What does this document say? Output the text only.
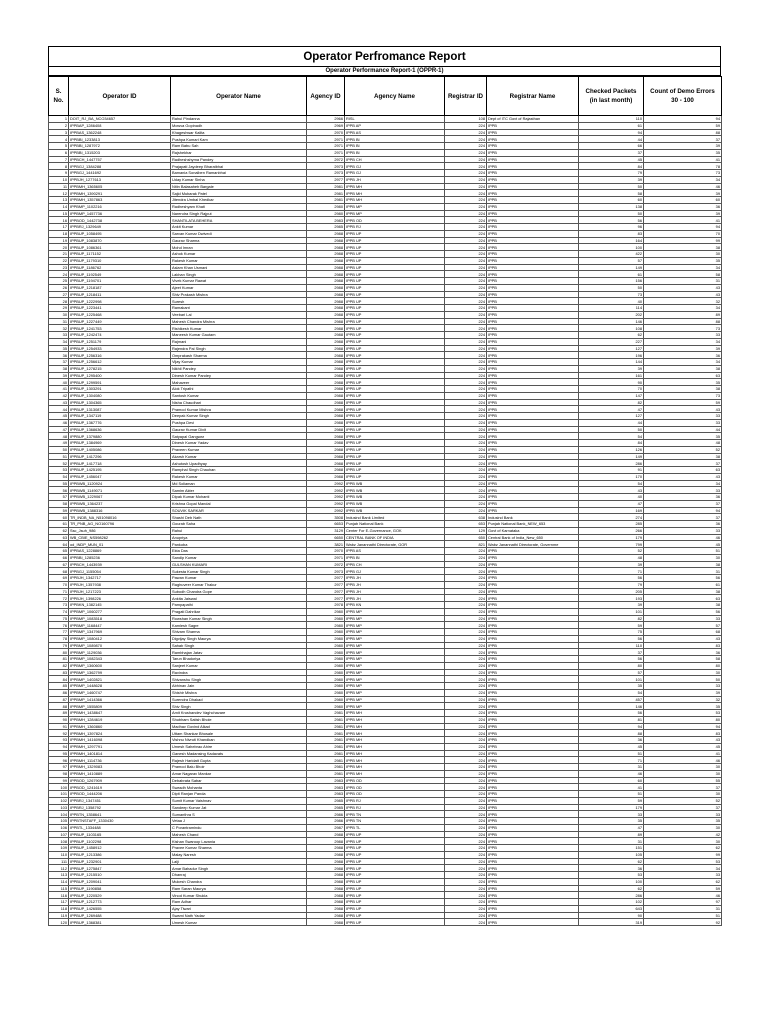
Operator Perfromance Report
Operator Performance Report-1 (OPPR-1)
S. No.	Operator ID	Operator Name	Agency ID	Agency Name	Registrar ID	Registrar Name	Checked Packets (in last month)	Count of Demo Errors 30 - 100
1	DOIT_RJ_BA_NCO34657	Rahul Pindanna	2966	RISL	108	Dept of ITC Govt of Rajasthan	110	94
2	IPPBAP_1286408	Mowva Gopinadh	2969	IPPB AP	224	IPPB	61	59
3	IPPBAS_1362248	Khageshwar Kalita	2970	IPPB AS	224	IPPB	94	88
4	IPPBBI_1233813	Pushpa Kumari Kam	2971	IPPB BI	224	IPPB	44	37
5	IPPBBI_1287972	Ram Babu Sah	2971	IPPB BI	224	IPPB	66	39
6	IPPBBI_1315203	Rajshekhar	2971	IPPB BI	224	IPPB	37	35
7	IPPBCH_1447757	Radheshshyma Pandey	2972	IPPB CH	224	IPPB	45	41
8	IPPBGJ_1384288	Prajapati Jaydeep Bharatbhai	2973	IPPB GJ	224	IPPB	84	78
9	IPPBGJ_1441692	Bamania Sonalben Ramanbhai	2973	IPPB GJ	224	IPPB	79	73
10	IPPBJH_1277613	Uday Kumar Sinha	2977	IPPB JH	224	IPPB	39	34
11	IPPBMH_1365605	Nitin Balasaheb Bargale	2981	IPPB MH	224	IPPB	50	46
12	IPPBMH_1390291	Sajid Mubarak Patel	2981	IPPB MH	224	IPPB	58	39
13	IPPBMH_1357863	Jitendra Umbal Khedkar	2981	IPPB MH	224	IPPB	60	60
14	IPPBMP_1102216	Radheshyam Khati	2980	IPPB MP	224	IPPB	138	36
15	IPPBMP_1457736	Narendra Singh Rajput	2980	IPPB MP	224	IPPB	50	39
16	IPPBOD_1442738	SHANTILATA BEHERA	2983	IPPB OD	224	IPPB	56	41
17	IPPBRJ_1329649	Ankit Kumar	2985	IPPB RJ	224	IPPB	96	94
18	IPPBUP_1058495	Sarvan Kumar Dwivedi	2988	IPPB UP	224	IPPB	83	70
19	IPPBUP_1083870	Gaurav Sharma	2988	IPPB UP	224	IPPB	164	99
20	IPPBUP_1086361	Mohd Imran	2988	IPPB UP	224	IPPB	100	38
21	IPPBUP_1171152	Ashok Kumar	2988	IPPB UP	224	IPPB	422	30
22	IPPBUP_1179310	Rakesh Kumar	2988	IPPB UP	224	IPPB	57	35
23	IPPBUP_1186762	Aslam Khan Usmani	2988	IPPB UP	224	IPPB	149	34
24	IPPBUP_1192549	Lakhan Singh	2988	IPPB UP	224	IPPB	61	58
25	IPPBUP_1194701	Vivek Kumar Rawat	2988	IPPB UP	224	IPPB	156	31
26	IPPBUP_1218187	Ajeet Kumar	2988	IPPB UP	224	IPPB	50	43
27	IPPBUP_1218411	Shiv Prakash Mishra	2988	IPPB UP	224	IPPB	73	43
28	IPPBUP_1222998	Suresh	2988	IPPB UP	224	IPPB	40	32
29	IPPBUP_1223441	Ramakant	2988	IPPB UP	224	IPPB	114	34
30	IPPBUP_1225468	Veebari Lal	2988	IPPB UP	224	IPPB	202	89
31	IPPBUP_1227449	Mahesh Chandra Mishra	2988	IPPB UP	224	IPPB	146	88
32	IPPBUP_1241753	Rishikesh Kumar	2988	IPPB UP	224	IPPB	108	73
33	IPPBUP_1242474	Maneesh Kumar Gautam	2988	IPPB UP	224	IPPB	62	33
34	IPPBUP_1251179	Rajmani	2988	IPPB UP	224	IPPB	227	34
35	IPPBUP_1254933	Rajendra Pal Singh	2988	IPPB UP	224	IPPB	127	39
36	IPPBUP_1256316	Omprakash Sharma	2988	IPPB UP	224	IPPB	196	36
37	IPPBUP_1256612	Vijay Kumar	2988	IPPB UP	224	IPPB	144	34
38	IPPBUP_1278215	Nikhil Pandey	2988	IPPB UP	224	IPPB	39	38
39	IPPBUP_1295400	Dinesh Kumar Pandey	2988	IPPB UP	224	IPPB	161	63
40	IPPBUP_1299591	Mahaveer	2988	IPPB UP	224	IPPB	90	35
41	IPPBUP_1303291	Alok Tripathi	2988	IPPB UP	224	IPPB	70	38
42	IPPBUP_1304080	Santosh Kumar	2988	IPPB UP	224	IPPB	147	73
43	IPPBUP_1304365	Nisha Chaudhari	2988	IPPB UP	224	IPPB	82	59
44	IPPBUP_1313087	Pramod Kumar Mishra	2988	IPPB UP	224	IPPB	47	43
45	IPPBUP_1347119	Deepak Kumar Singh	2988	IPPB UP	224	IPPB	127	33
46	IPPBUP_1367776	Pushpa Devi	2988	IPPB UP	224	IPPB	44	33
47	IPPBUP_1368636	Gaurav Kumar Dixit	2988	IPPB UP	224	IPPB	50	44
48	IPPBUP_1379880	Satyapal Gangwar	2988	IPPB UP	224	IPPB	54	35
49	IPPBUP_1384969	Dinesh Kumar Yadav	2988	IPPB UP	224	IPPB	84	48
50	IPPBUP_1405086	Praveen Kumar	2988	IPPB UP	224	IPPB	126	52
51	IPPBUP_1417296	Akarsh Kumar	2988	IPPB UP	224	IPPB	149	38
52	IPPBUP_1417718	Ashutosh Upadhyay	2988	IPPB UP	224	IPPB	286	37
53	IPPBUP_1425195	Ramphal Singh Chauhan	2988	IPPB UP	224	IPPB	91	63
54	IPPBUP_1456047	Rakesh Kumar	2988	IPPB UP	224	IPPB	170	43
55	IPPBWB_1120924	Md Soliaman	2992	IPPB WB	224	IPPB	54	34
56	IPPBWB_1149071	Samim Akter	2992	IPPB WB	224	IPPB	43	33
57	IPPBWB_1229067	Dipak Kumar Mohanti	2992	IPPB WB	224	IPPB	40	36
58	IPPBWB_1364237	Krishna Gopal Mandal	2992	IPPB WB	224	IPPB	47	37
59	IPPBWB_1388316	SOUVIK SARKAR	2992	IPPB WB	224	IPPB	169	94
60	TR_INDB_NA_N51098016	Shashi Deb Nath	3508	Indusind Bank Limited	638	Indusind Bank	274	37
61	TR_PNB_AG_NO160796	Gourab Saha	6653	Punjab National Bank	653	Punjab National Bank_NEW_653	285	36
62	Ssc_Jsuh_986	Rahul	3129	Center For E-Governance, GOK	129	Govt of Karnataka	266	33
63	WB_CBIE_NS598262	Anupriya	6650	CENTRAL BANK OF INDIA	650	Central Bank of India_New_650	179	46
64	od_INDP_MUN_01	Pankoba	3821	Wabz Janannathi Directorate, GOR	821	Wabz Janannathi Directorate, Governme	799	45
65	IPPBAS_1228869	Ekta Das	2970	IPPB AS	224	IPPB	52	51
66	IPPBBI_1285236	Sandip Kumar	2971	IPPB BI	224	IPPB	48	30
67	IPPBCH_1443939	GULSHAN KUMARI	2972	IPPB CH	224	IPPB	39	38
68	IPPBGJ_1155054	Sukesta Kumar Singh	2973	IPPB GJ	224	IPPB	71	31
69	IPPBJH_1342717	Pawan Kumar	2977	IPPB JH	224	IPPB	56	56
70	IPPBJH_1357938	Raghuveer Kumar Thakur	2977	IPPB JH	224	IPPB	79	61
71	IPPBJH_1217223	Subodh Chandra Gope	2977	IPPB JH	224	IPPB	205	38
72	IPPBJH_1398226	Ankita Jaiswal	2977	IPPB JH	224	IPPB	193	63
73	IPPBKN_1382145	Pampapathi	2978	IPPB KN	224	IPPB	39	38
74	IPPBMP_1060277	Pragati Dahrikar	2980	IPPB MP	224	IPPB	101	56
75	IPPBMP_1083518	Rowshan Kumar Singh	2980	IPPB MP	224	IPPB	82	33
76	IPPBMP_1168447	Kamlesh Sagre	2980	IPPB MP	224	IPPB	59	57
77	IPPBMP_1347969	Shivam Sharma	2980	IPPB MP	224	IPPB	75	68
78	IPPBMP_1080412	Digvijay Singh Maurya	2980	IPPB MP	224	IPPB	56	43
79	IPPBMP_1089870	Sahab Singh	2980	IPPB MP	224	IPPB	110	83
80	IPPBMP_1129036	Rambhajan Jatav	2980	IPPB MP	224	IPPB	37	36
81	IPPBMP_1082343	Tarun Bhadoriya	2980	IPPB MP	224	IPPB	56	58
82	IPPBMP_1360600	Sanjeet Kumar	2980	IPPB MP	224	IPPB	80	80
83	IPPBMP_1362799	Ravindra	2980	IPPB MP	224	IPPB	57	30
84	IPPBMP_1402821	Shivanshu Singh	2980	IPPB MP	224	IPPB	101	50
85	IPPBMP_1448628	Abhinav Jain	2980	IPPB MP	224	IPPB	35	33
86	IPPBMP_1460747	Shishir Mishra	2980	IPPB MP	224	IPPB	54	39
87	IPPBMP_1414366	Surendra Dhakad	2980	IPPB MP	224	IPPB	457	32
88	IPPBMP_1555809	Shiv Singh	2980	IPPB MP	224	IPPB	146	35
89	IPPBMH_1438647	Amit Krushandev Vaghchavare	2981	IPPB MH	224	IPPB	56	53
90	IPPBMH_1284619	Shubham Satish Bhole	2981	IPPB MH	224	IPPB	81	80
91	IPPBMH_1360860	Madhav Govind Alkad	2981	IPPB MH	224	IPPB	94	94
92	IPPBMH_1397824	Uttam Shankar Bhosale	2981	IPPB MH	224	IPPB	88	83
93	IPPBMH_1416098	Vishnu Nivruti Khandkan	2981	IPPB MH	224	IPPB	36	43
94	IPPBMH_1297791	Umesh Sahebrao Ahire	2981	IPPB MH	224	IPPB	45	45
95	IPPBMH_1401814	Ganesh Madansing Kadavats	2981	IPPB MH	224	IPPB	51	41
96	IPPBMH_1114736	Rajesh Haridatt Gupta	2981	IPPB MH	224	IPPB	71	46
97	IPPBMH_1329083	Pramod Balu Bhoir	2981	IPPB MH	224	IPPB	31	30
98	IPPBMH_1410889	Amar Nagarav Mankar	2981	IPPB MH	224	IPPB	46	30
99	IPPBOD_1267909	Debabrata Sabar	2983	IPPB OD	224	IPPB	60	55
100	IPPBOD_1241619	Swasdh Mohanta	2983	IPPB OD	224	IPPB	41	37
101	IPPBOD_1444206	Dipti Ranjan Panda	2983	IPPB OD	224	IPPB	51	30
102	IPPBRJ_1347451	Sumit Kumar Vaishnav	2985	IPPB RJ	224	IPPB	59	52
103	IPPBRJ_1358792	Sandeep Kumar Jat	2985	IPPB RJ	224	IPPB	179	37
104	IPPBTN_1358641	Sumanthra S	2986	IPPB TN	224	IPPB	33	33
105	IPPBTNSTAFF_1330430	Vetaa J	2986	IPPB TN	224	IPPB	35	35
106	IPPBTL_1334488	C Porantramindu	2987	IPPB TL	224	IPPB	47	30
107	IPPBUP_1103165	Mahesh Chand	2988	IPPB UP	224	IPPB	89	42
108	IPPBUP_1102298	Kishan Swaroop Lavania	2988	IPPB UP	224	IPPB	31	30
109	IPPBUP_1458912	Pravee Kumar Sharma	2988	IPPB UP	224	IPPB	151	62
110	IPPBUP_1213386	Malay Naresh	2988	IPPB UP	224	IPPB	105	99
111	IPPBUP_1232901	Lalji	2988	IPPB UP	224	IPPB	62	53
112	IPPBUP_1275847	Amar Bahadur Singh	2988	IPPB UP	224	IPPB	36	34
113	IPPBUP_1215510	Dhanraj	2988	IPPB UP	224	IPPB	53	33
114	IPPBUP_1209041	Mukesh Chandra	2988	IPPB UP	224	IPPB	100	62
115	IPPBUP_1190858	Ram Saran Maurya	2988	IPPB UP	224	IPPB	62	59
116	IPPBUP_1220529	Vinod Kumar Shukla	2988	IPPB UP	224	IPPB	286	46
117	IPPBUP_1212773	Ram Adhar	2988	IPPB UP	224	IPPB	102	97
118	IPPBUP_1426555	Ajay Tiwari	2988	IPPB UP	224	IPPB	643	31
119	IPPBUP_1269488	Swami Nath Yadav	2988	IPPB UP	224	IPPB	90	51
120	IPPBUP_1368381	Umesh Kumar	2988	IPPB UP	224	IPPB	319	92
